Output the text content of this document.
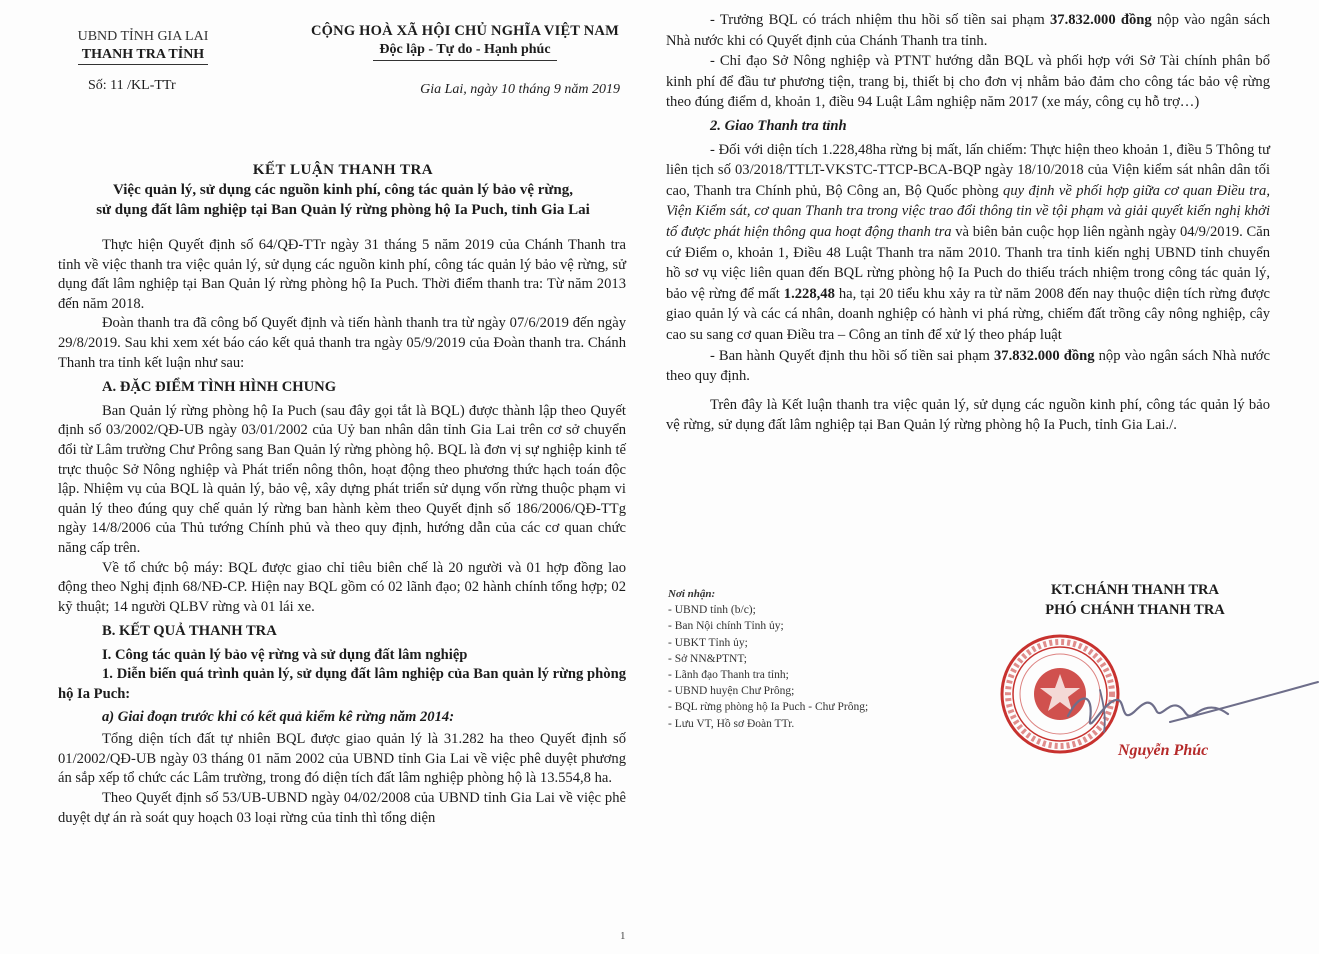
UBND TỈNH GIA LAI
THANH TRA TỈNH
Số: 11 /KL-TTr
CỘNG HOÀ XÃ HỘI CHỦ NGHĨA VIỆT NAM
Độc lập - Tự do - Hạnh phúc
Gia Lai, ngày 10 tháng 9 năm 2019
KẾT LUẬN THANH TRA
Việc quản lý, sử dụng các nguồn kinh phí, công tác quản lý bảo vệ rừng,
sử dụng đất lâm nghiệp tại Ban Quản lý rừng phòng hộ Ia Puch, tỉnh Gia Lai

Thực hiện Quyết định số 64/QĐ-TTr ngày 31 tháng 5 năm 2019 của Chánh Thanh tra tỉnh về việc thanh tra việc quản lý, sử dụng các nguồn kinh phí, công tác quản lý bảo vệ rừng, sử dụng đất lâm nghiệp tại Ban Quản lý rừng phòng hộ Ia Puch. Thời điểm thanh tra: Từ năm 2013 đến năm 2018.

Đoàn thanh tra đã công bố Quyết định và tiến hành thanh tra từ ngày 07/6/2019 đến ngày 29/8/2019. Sau khi xem xét báo cáo kết quả thanh tra ngày 05/9/2019 của Đoàn thanh tra. Chánh Thanh tra tỉnh kết luận như sau:

A. ĐẶC ĐIỂM TÌNH HÌNH CHUNG

Ban Quản lý rừng phòng hộ Ia Puch (sau đây gọi tắt là BQL) được thành lập theo Quyết định số 03/2002/QĐ-UB ngày 03/01/2002 của Uỷ ban nhân dân tỉnh Gia Lai trên cơ sở chuyển đổi từ Lâm trường Chư Prông sang Ban Quản lý rừng phòng hộ. BQL là đơn vị sự nghiệp kinh tế trực thuộc Sở Nông nghiệp và Phát triển nông thôn, hoạt động theo phương thức hạch toán độc lập. Nhiệm vụ của BQL là quản lý, bảo vệ, xây dựng phát triển sử dụng vốn rừng thuộc phạm vi quản lý theo đúng quy chế quản lý rừng ban hành kèm theo Quyết định số 186/2006/QĐ-TTg ngày 14/8/2006 của Thủ tướng Chính phủ và theo quy định, hướng dẫn của các cơ quan chức năng cấp trên.

Về tổ chức bộ máy: BQL được giao chỉ tiêu biên chế là 20 người và 01 hợp đồng lao động theo Nghị định 68/NĐ-CP. Hiện nay BQL gồm có 02 lãnh đạo; 02 hành chính tổng hợp; 02 kỹ thuật; 14 người QLBV rừng và 01 lái xe.

B. KẾT QUẢ THANH TRA
I. Công tác quản lý bảo vệ rừng và sử dụng đất lâm nghiệp
1. Diễn biến quá trình quản lý, sử dụng đất lâm nghiệp của Ban quản lý rừng phòng hộ Ia Puch:
a) Giai đoạn trước khi có kết quả kiểm kê rừng năm 2014:

Tổng diện tích đất tự nhiên BQL được giao quản lý là 31.282 ha theo Quyết định số 01/2002/QĐ-UB ngày 03 tháng 01 năm 2002 của UBND tỉnh Gia Lai về việc phê duyệt phương án sắp xếp tổ chức các Lâm trường, trong đó diện tích đất lâm nghiệp phòng hộ là 13.554,8 ha.

Theo Quyết định số 53/UB-UBND ngày 04/02/2008 của UBND tỉnh Gia Lai về việc phê duyệt dự án rà soát quy hoạch 03 loại rừng của tỉnh thì tổng diện

1

- Trưởng BQL có trách nhiệm thu hồi số tiền sai phạm 37.832.000 đồng nộp vào ngân sách Nhà nước khi có Quyết định của Chánh Thanh tra tỉnh.

- Chỉ đạo Sở Nông nghiệp và PTNT hướng dẫn BQL và phối hợp với Sở Tài chính phân bổ kinh phí để đầu tư phương tiện, trang bị, thiết bị cho đơn vị nhằm bảo đảm cho công tác bảo vệ rừng theo đúng điểm d, khoản 1, điều 94 Luật Lâm nghiệp năm 2017 (xe máy, công cụ hỗ trợ…)

2. Giao Thanh tra tỉnh

- Đối với diện tích 1.228,48ha rừng bị mất, lấn chiếm: Thực hiện theo khoản 1, điều 5 Thông tư liên tịch số 03/2018/TTLT-VKSTC-TTCP-BCA-BQP ngày 18/10/2018 của Viện kiểm sát nhân dân tối cao, Thanh tra Chính phủ, Bộ Công an, Bộ Quốc phòng quy định về phối hợp giữa cơ quan Điều tra, Viện Kiểm sát, cơ quan Thanh tra trong việc trao đổi thông tin về tội phạm và giải quyết kiến nghị khởi tố được phát hiện thông qua hoạt động thanh tra và biên bản cuộc họp liên ngành ngày 04/9/2019. Căn cứ Điểm o, khoản 1, Điều 48 Luật Thanh tra năm 2010. Thanh tra tỉnh kiến nghị UBND tỉnh chuyển hồ sơ vụ việc liên quan đến BQL rừng phòng hộ Ia Puch do thiếu trách nhiệm trong công tác quản lý, bảo vệ rừng để mất 1.228,48 ha, tại 20 tiểu khu xảy ra từ năm 2008 đến nay thuộc diện tích rừng được giao quản lý và các cá nhân, doanh nghiệp có hành vi phá rừng, chiếm đất trồng cây nông nghiệp, cây cao su sang cơ quan Điều tra – Công an tỉnh để xử lý theo pháp luật

- Ban hành Quyết định thu hồi số tiền sai phạm 37.832.000 đồng nộp vào ngân sách Nhà nước theo quy định.

Trên đây là Kết luận thanh tra việc quản lý, sử dụng các nguồn kinh phí, công tác quản lý bảo vệ rừng, sử dụng đất lâm nghiệp tại Ban Quản lý rừng phòng hộ Ia Puch, tỉnh Gia Lai./.

Nơi nhận:
- UBND tỉnh (b/c);
- Ban Nội chính Tỉnh ủy;
- UBKT Tỉnh ủy;
- Sở NN&PTNT;
- Lãnh đạo Thanh tra tỉnh;
- UBND huyện Chư Prông;
- BQL rừng phòng hộ Ia Puch - Chư Prông;
- Lưu VT, Hồ sơ Đoàn TTr.
KT.CHÁNH THANH TRA
PHÓ CHÁNH THANH TRA
Nguyễn Phúc
